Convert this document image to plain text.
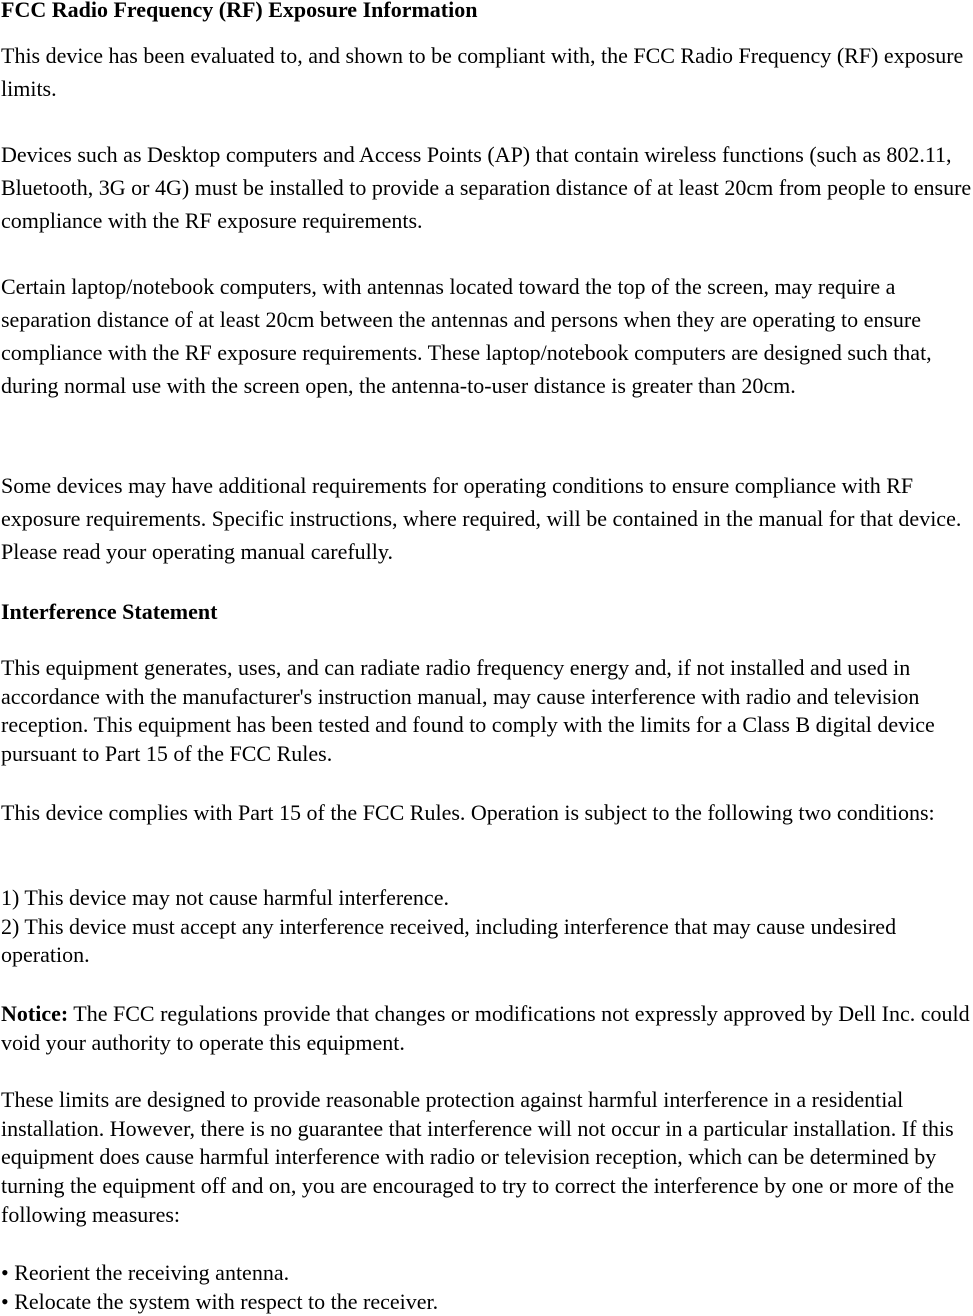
FCC Radio Frequency (RF) Exposure Information

This device has been evaluated to, and shown to be compliant with, the FCC Radio Frequency (RF) exposure limits.

Devices such as Desktop computers and Access Points (AP) that contain wireless functions (such as 802.11, Bluetooth, 3G or 4G) must be installed to provide a separation distance of at least 20cm from people to ensure compliance with the RF exposure requirements.

Certain laptop/notebook computers, with antennas located toward the top of the screen, may require a separation distance of at least 20cm between the antennas and persons when they are operating to ensure compliance with the RF exposure requirements. These laptop/notebook computers are designed such that, during normal use with the screen open, the antenna-to-user distance is greater than 20cm.

Some devices may have additional requirements for operating conditions to ensure compliance with RF exposure requirements. Specific instructions, where required, will be contained in the manual for that device. Please read your operating manual carefully.

Interference Statement

This equipment generates, uses, and can radiate radio frequency energy and, if not installed and used in accordance with the manufacturer's instruction manual, may cause interference with radio and television reception. This equipment has been tested and found to comply with the limits for a Class B digital device pursuant to Part 15 of the FCC Rules.

This device complies with Part 15 of the FCC Rules. Operation is subject to the following two conditions:

1) This device may not cause harmful interference.
2) This device must accept any interference received, including interference that may cause undesired operation.

Notice: The FCC regulations provide that changes or modifications not expressly approved by Dell Inc. could void your authority to operate this equipment.

These limits are designed to provide reasonable protection against harmful interference in a residential installation. However, there is no guarantee that interference will not occur in a particular installation. If this equipment does cause harmful interference with radio or television reception, which can be determined by turning the equipment off and on, you are encouraged to try to correct the interference by one or more of the following measures:

• Reorient the receiving antenna.
• Relocate the system with respect to the receiver.
